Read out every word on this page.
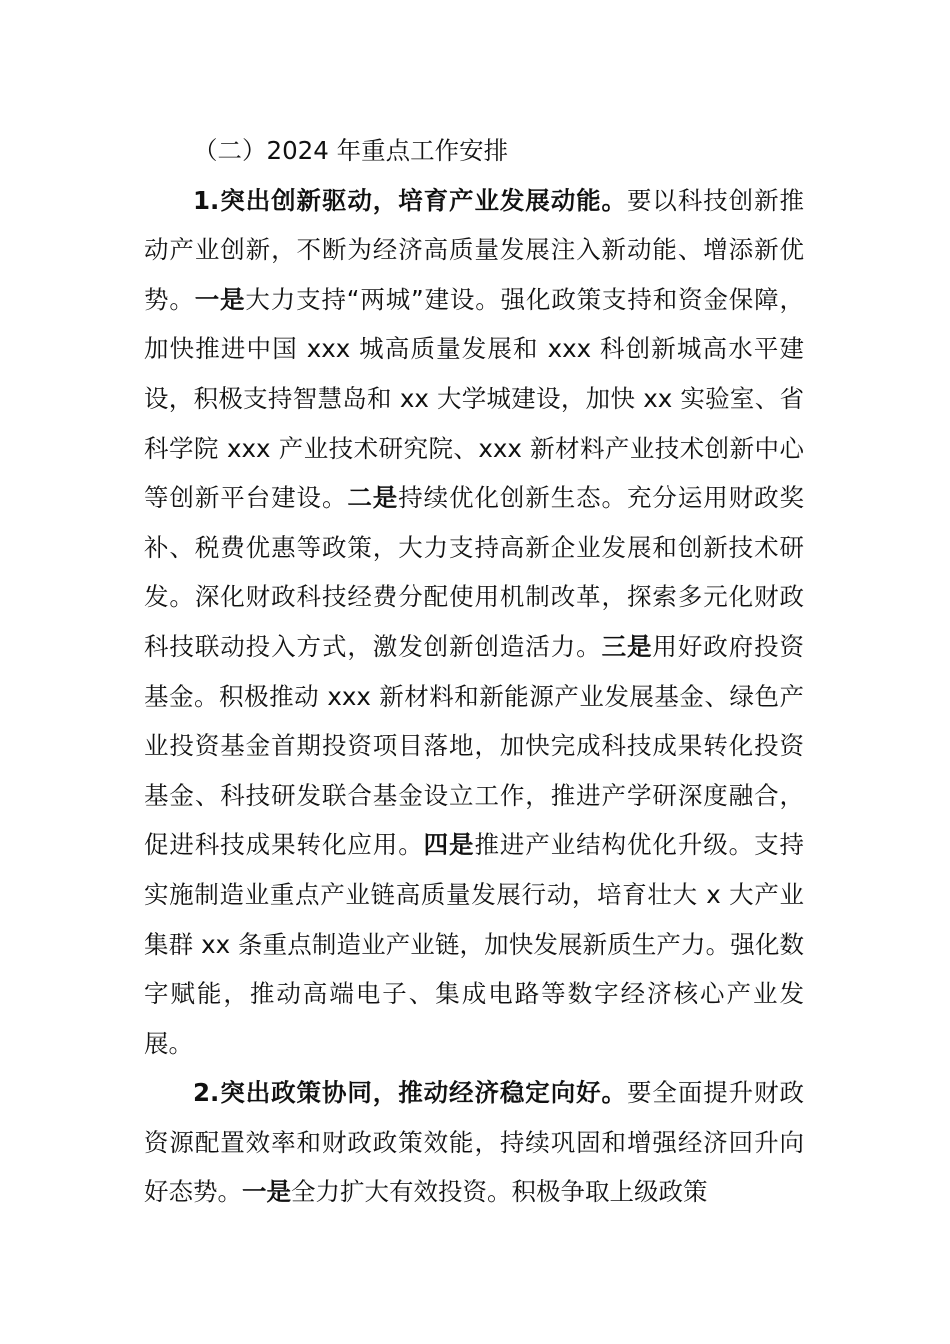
（二）2024 年重点工作安排

1.突出创新驱动，培育产业发展动能。要以科技创新推动产业创新，不断为经济高质量发展注入新动能、增添新优势。一是大力支持“两城”建设。强化政策支持和资金保障，加快推进中国 xxx 城高质量发展和 xxx 科创新城高水平建设，积极支持智慧岛和 xx 大学城建设，加快 xx 实验室、省科学院 xxx 产业技术研究院、xxx 新材料产业技术创新中心等创新平台建设。二是持续优化创新生态。充分运用财政奖补、税费优惠等政策，大力支持高新企业发展和创新技术研发。深化财政科技经费分配使用机制改革，探索多元化财政科技联动投入方式，激发创新创造活力。三是用好政府投资基金。积极推动 xxx 新材料和新能源产业发展基金、绿色产业投资基金首期投资项目落地，加快完成科技成果转化投资基金、科技研发联合基金设立工作，推进产学研深度融合，促进科技成果转化应用。四是推进产业结构优化升级。支持实施制造业重点产业链高质量发展行动，培育壮大 x 大产业集群 xx 条重点制造业产业链，加快发展新质生产力。强化数字赋能，推动高端电子、集成电路等数字经济核心产业发展。

2.突出政策协同，推动经济稳定向好。要全面提升财政资源配置效率和财政政策效能，持续巩固和增强经济回升向好态势。一是全力扩大有效投资。积极争取上级政策
